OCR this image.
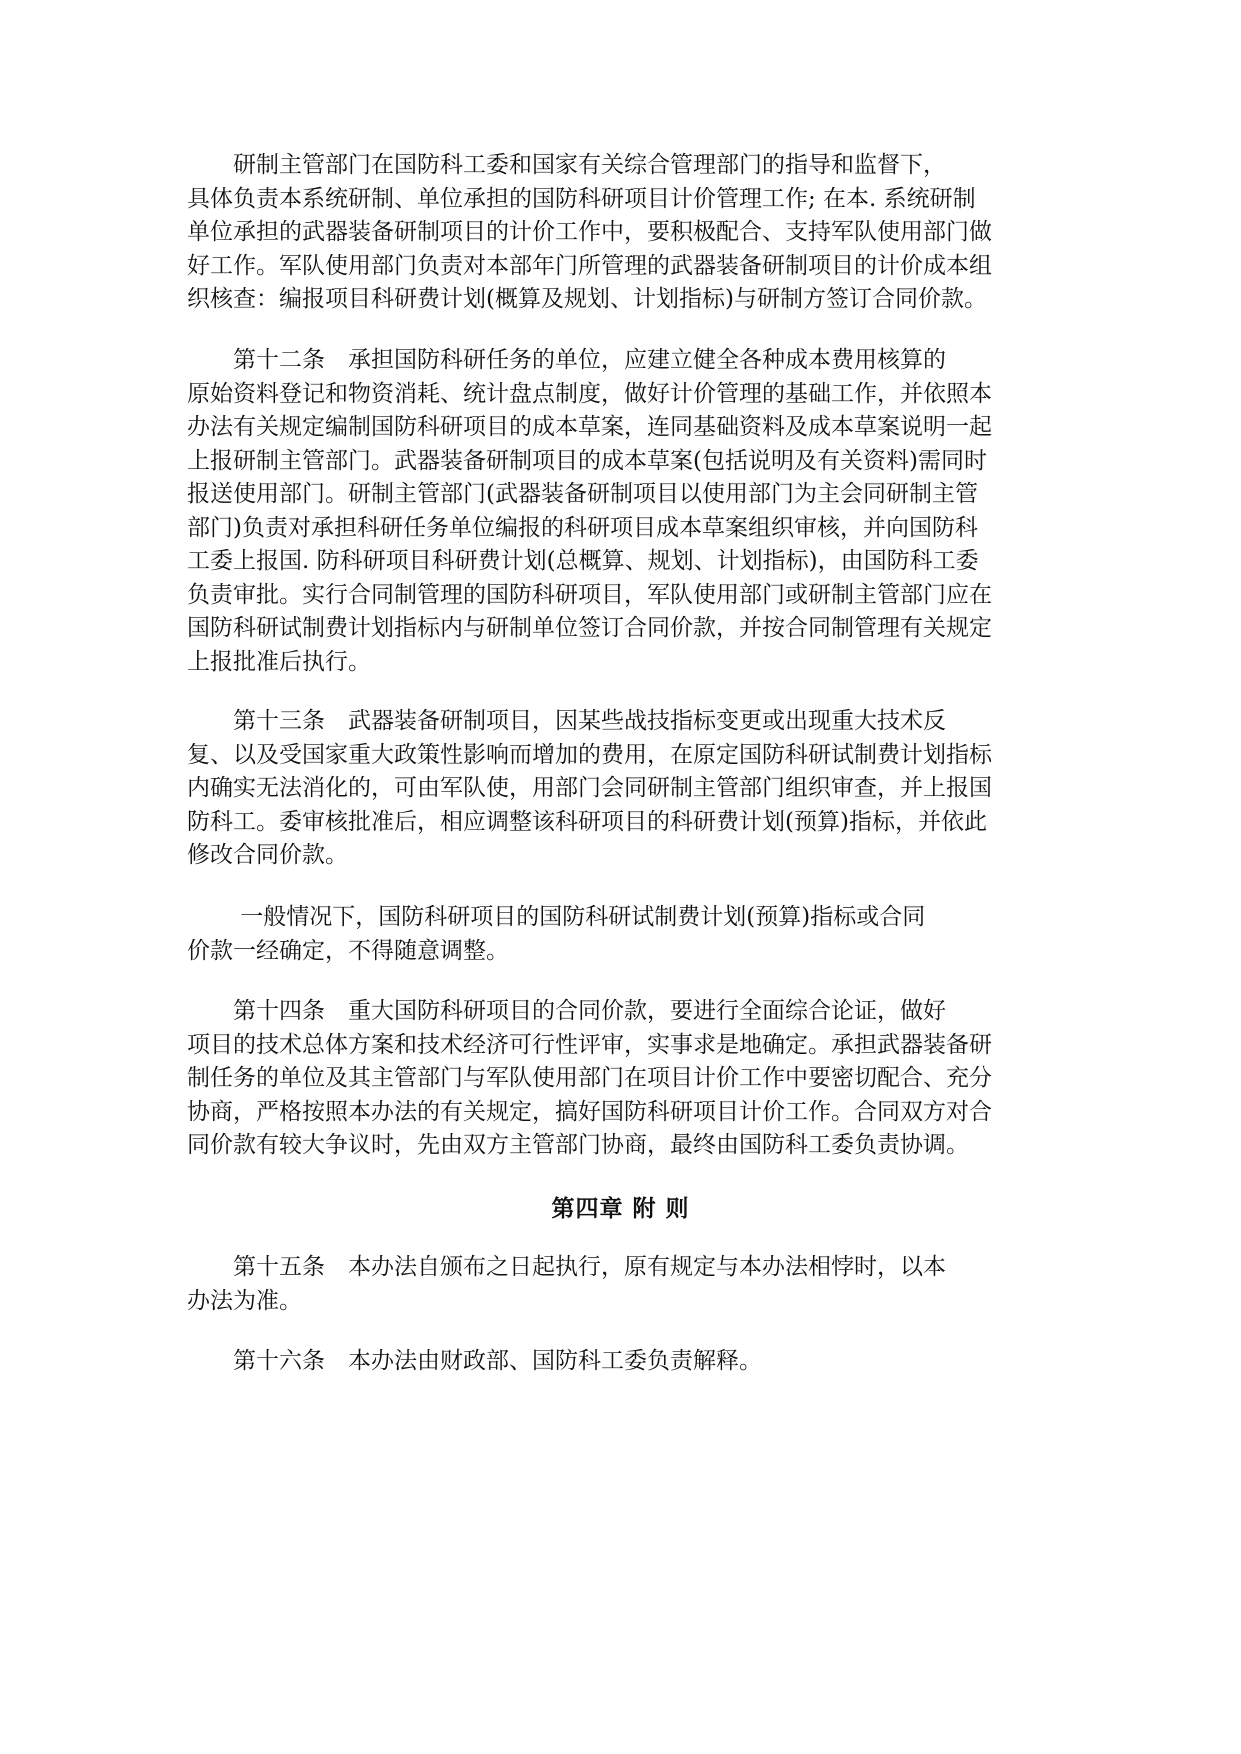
　　研制主管部门在国防科工委和国家有关综合管理部门的指导和监督下，
具体负责本系统研制、单位承担的国防科研项目计价管理工作; 在本. 系统研制
单位承担的武器装备研制项目的计价工作中，要积极配合、支持军队使用部门做
好工作。军队使用部门负责对本部年门所管理的武器装备研制项目的计价成本组
织核查：编报项目科研费计划(概算及规划、计划指标)与研制方签订合同价款。
　　第十二条　承担国防科研任务的单位，应建立健全各种成本费用核算的
原始资料登记和物资消耗、统计盘点制度，做好计价管理的基础工作，并依照本
办法有关规定编制国防科研项目的成本草案，连同基础资料及成本草案说明一起
上报研制主管部门。武器装备研制项目的成本草案(包括说明及有关资料)需同时
报送使用部门。研制主管部门(武器装备研制项目以使用部门为主会同研制主管
部门)负责对承担科研任务单位编报的科研项目成本草案组织审核，并向国防科
工委上报国. 防科研项目科研费计划(总概算、规划、计划指标)，由国防科工委
负责审批。实行合同制管理的国防科研项目，军队使用部门或研制主管部门应在
国防科研试制费计划指标内与研制单位签订合同价款，并按合同制管理有关规定
上报批准后执行。
　　第十三条　武器装备研制项目，因某些战技指标变更或出现重大技术反
复、以及受国家重大政策性影响而增加的费用，在原定国防科研试制费计划指标
内确实无法消化的，可由军队使，用部门会同研制主管部门组织审查，并上报国
防科工。委审核批准后，相应调整该科研项目的科研费计划(预算)指标，并依此
修改合同价款。
　　 一般情况下，国防科研项目的国防科研试制费计划(预算)指标或合同
价款一经确定，不得随意调整。
　　第十四条　重大国防科研项目的合同价款，要进行全面综合论证，做好
项目的技术总体方案和技术经济可行性评审，实事求是地确定。承担武器装备研
制任务的单位及其主管部门与军队使用部门在项目计价工作中要密切配合、充分
协商，严格按照本办法的有关规定，搞好国防科研项目计价工作。合同双方对合
同价款有较大争议时，先由双方主管部门协商，最终由国防科工委负责协调。
第四章 附 则
　　第十五条　本办法自颁布之日起执行，原有规定与本办法相悖时，以本
办法为准。
　　第十六条　本办法由财政部、国防科工委负责解释。
